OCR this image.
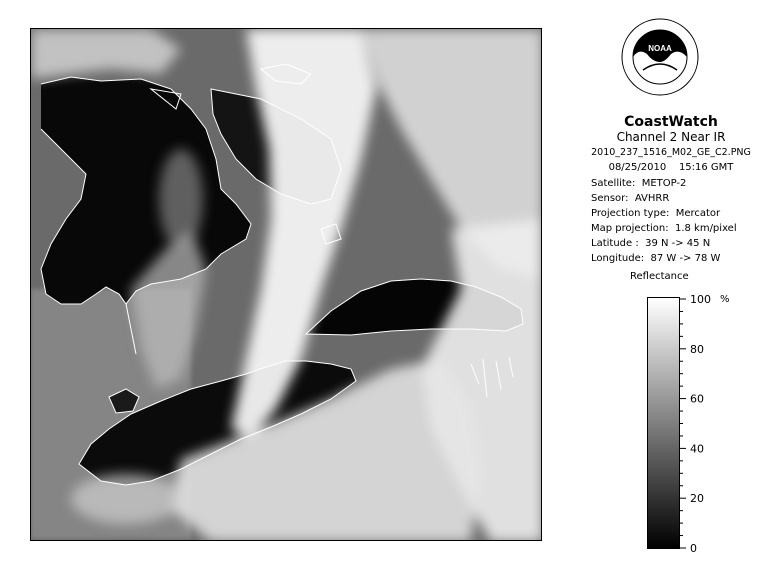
NOAA
CoastWatch
Channel 2 Near IR
2010_237_1516_M02_GE_C2.PNG
08/25/2010 15:16 GMT
Satellite: METOP-2
Sensor: AVHRR
Projection type: Mercator
Map projection: 1.8 km/pixel
Latitude : 39 N -> 45 N
Longitude: 87 W -> 78 W
Reflectance
100
80
60
40
20
0
%
